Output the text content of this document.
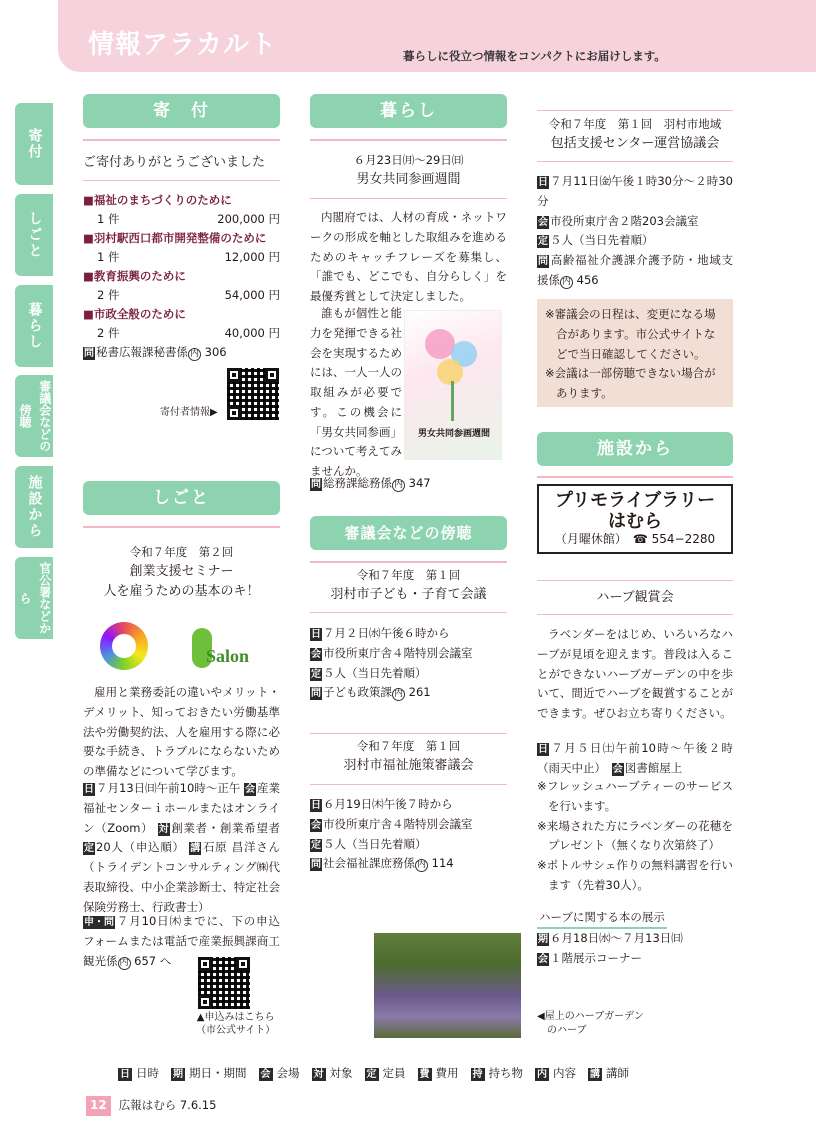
情報アラカルト	暮らしに役立つ情報をコンパクトにお届けします。
寄付
しごと
暮らし
審議会などの傍聴
施設から
官公署などから
寄　付
ご寄付ありがとうございました
■福祉のまちづくりのために
1 件	200,000 円
■羽村駅西口都市開発整備のために
1 件	12,000 円
■教育振興のために
2 件	54,000 円
■市政全般のために
2 件	40,000 円
問 秘書広報課秘書係 内 306
寄付者情報▶
しごと
令和７年度　第２回
創業支援セミナー
人を雇うための基本のキ！
Salon
雇用と業務委託の違いやメリット・デメリット、知っておきたい労働基準法や労働契約法、人を雇用する際に必要な手続き、トラブルにならないための準備などについて学びます。
日 ７月13日㈰午前10時～正午 会 産業福祉センターｉホールまたはオンライン（Zoom） 対 創業者・創業希望者 定 20人（申込順） 講 石原 昌洋さん（トライデントコンサルティング㈱代表取締役、中小企業診断士、特定社会保険労務士、行政書士）
申・問 ７月10日㈭までに、下の申込フォームまたは電話で産業振興課商工観光係 内 657 へ
▲申込みはこちら
（市公式サイト）
暮らし
６月23日㈪～29日㈰
男女共同参画週間
内閣府では、人材の育成・ネットワークの形成を軸とした取組みを進めるためのキャッチフレーズを募集し、「誰でも、どこでも、自分らしく」を最優秀賞として決定しました。
誰もが個性と能力を発揮できる社会を実現するためには、一人一人の取組みが必要です。この機会に「男女共同参画」について考えてみませんか。
男女共同参画週間
問 総務課総務係 内 347
審議会などの傍聴
令和７年度　第１回
羽村市子ども・子育て会議
日 ７月２日㈬午後６時から
会 市役所東庁舎４階特別会議室
定 ５人（当日先着順）
問 子ども政策課 内 261
令和７年度　第１回
羽村市福祉施策審議会
日 ６月19日㈭午後７時から
会 市役所東庁舎４階特別会議室
定 ５人（当日先着順）
問 社会福祉課庶務係 内 114
令和７年度　第１回　羽村市地域
包括支援センター運営協議会
日 ７月11日㈮午後１時30分～２時30分
会 市役所東庁舎２階203会議室
定 ５人（当日先着順）
問 高齢福祉介護課介護予防・地域支援係 内 456
※審議会の日程は、変更になる場合があります。市公式サイトなどで当日確認してください。
※会議は一部傍聴できない場合があります。
施設から
プリモライブラリー
はむら
（月曜休館）　 ☎ 554−2280
ハーブ観賞会
ラベンダーをはじめ、いろいろなハーブが見頃を迎えます。普段は入ることができないハーブガーデンの中を歩いて、間近でハーブを観賞することができます。ぜひお立ち寄りください。
日 ７月５日㈯午前10時～午後２時（雨天中止）　 会 図書館屋上
※フレッシュハーブティーのサービスを行います。
※来場された方にラベンダーの花穂をプレゼント（無くなり次第終了）
※ポトルサシェ作りの無料講習を行います（先着30人）。
ハーブに関する本の展示
期 ６月18日㈬～７月13日㈰
会 １階展示コーナー
◀屋上のハーブガーデン
のハーブ
日 日時 期 期日・期間 会 会場 対 対象 定 定員 費 費用 持 持ち物 内 内容 講 講師
12	広報はむら 7.6.15
